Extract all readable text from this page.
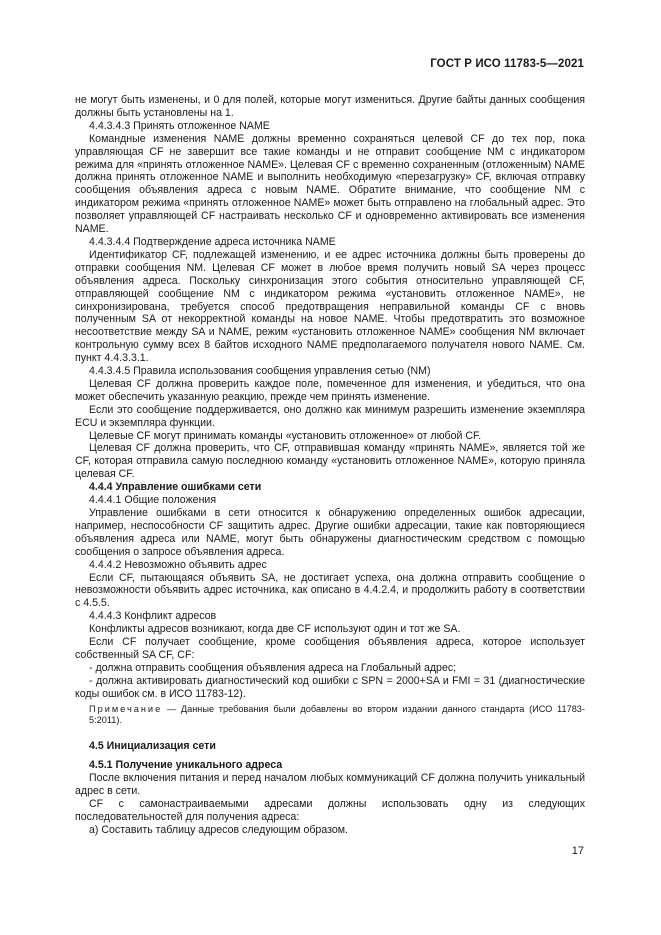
ГОСТ Р ИСО 11783-5—2021

не могут быть изменены, и 0 для полей, которые могут измениться. Другие байты данных сообщения должны быть установлены на 1.

4.4.3.4.3 Принять отложенное NAME

Командные изменения NAME должны временно сохраняться целевой CF до тех пор, пока управляющая CF не завершит все такие команды и не отправит сообщение NM с индикатором режима для «принять отложенное NAME». Целевая CF с временно сохраненным (отложенным) NAME должна принять отложенное NAME и выполнить необходимую «перезагрузку» CF, включая отправку сообщения объявления адреса с новым NAME. Обратите внимание, что сообщение NM с индикатором режима «принять отложенное NAME» может быть отправлено на глобальный адрес. Это позволяет управляющей CF настраивать несколько CF и одновременно активировать все изменения NAME.

4.4.3.4.4 Подтверждение адреса источника NAME

Идентификатор CF, подлежащей изменению, и ее адрес источника должны быть проверены до отправки сообщения NM. Целевая CF может в любое время получить новый SA через процесс объявления адреса. Поскольку синхронизация этого события относительно управляющей CF, отправляющей сообщение NM с индикатором режима «установить отложенное NAME», не синхронизирована, требуется способ предотвращения неправильной команды CF с вновь полученным SA от некорректной команды на новое NAME. Чтобы предотвратить это возможное несоответствие между SA и NAME, режим «установить отложенное NAME» сообщения NM включает контрольную сумму всех 8 байтов исходного NAME предполагаемого получателя нового NAME. См. пункт 4.4.3.3.1.

4.4.3.4.5 Правила использования сообщения управления сетью (NM)

Целевая CF должна проверить каждое поле, помеченное для изменения, и убедиться, что она может обеспечить указанную реакцию, прежде чем принять изменение.

Если это сообщение поддерживается, оно должно как минимум разрешить изменение экземпляра ECU и экземпляра функции.

Целевые CF могут принимать команды «установить отложенное» от любой CF.

Целевая CF должна проверить, что CF, отправившая команду «принять NAME», является той же CF, которая отправила самую последнюю команду «установить отложенное NAME», которую приняла целевая CF.

4.4.4 Управление ошибками сети

4.4.4.1 Общие положения

Управление ошибками в сети относится к обнаружению определенных ошибок адресации, например, неспособности CF защитить адрес. Другие ошибки адресации, такие как повторяющиеся объявления адреса или NAME, могут быть обнаружены диагностическим средством с помощью сообщения о запросе объявления адреса.

4.4.4.2 Невозможно объявить адрес

Если CF, пытающаяся объявить SA, не достигает успеха, она должна отправить сообщение о невозможности объявить адрес источника, как описано в 4.4.2.4, и продолжить работу в соответствии с 4.5.5.

4.4.4.3 Конфликт адресов

Конфликты адресов возникают, когда две CF используют один и тот же SA.

Если CF получает сообщение, кроме сообщения объявления адреса, которое использует собственный SA CF, CF:

- должна отправить сообщения объявления адреса на Глобальный адрес;

- должна активировать диагностический код ошибки с SPN = 2000+SA и FMI = 31 (диагностические коды ошибок см. в ИСО 11783-12).

Примечание — Данные требования были добавлены во втором издании данного стандарта (ИСО 11783-5:2011).

4.5 Инициализация сети

4.5.1 Получение уникального адреса

После включения питания и перед началом любых коммуникаций CF должна получить уникальный адрес в сети.

CF с самонастраиваемыми адресами должны использовать одну из следующих последовательностей для получения адреса:

а) Составить таблицу адресов следующим образом.

17
